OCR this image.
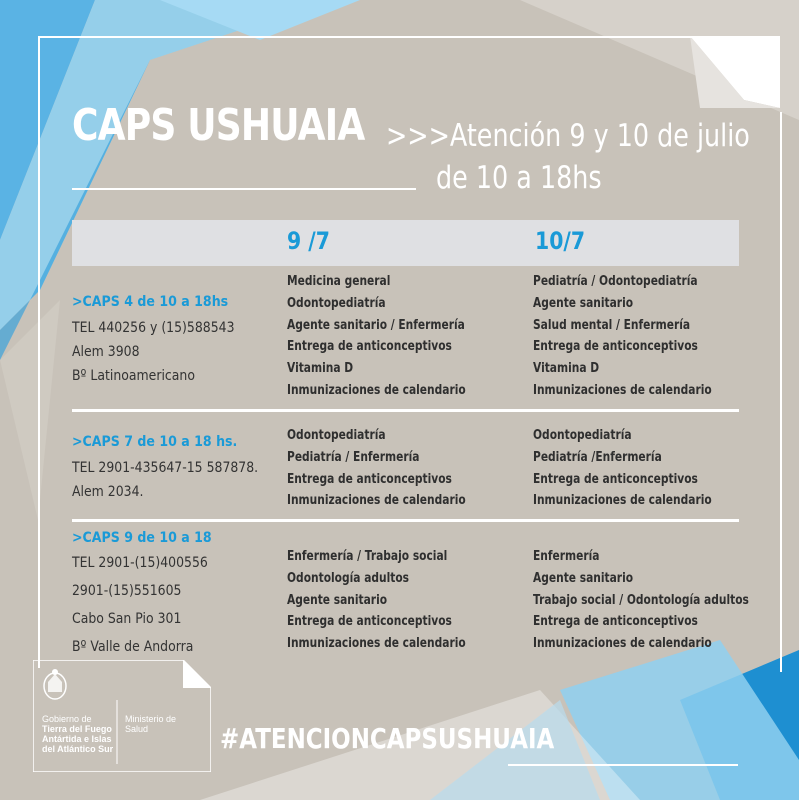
CAPS USHUAIA >>>Atención 9 y 10 de julio
de 10 a 18hs
9 /7	10/7
>CAPS 4 de 10 a 18hs
TEL 440256 y (15)588543
Alem 3908
Bº Latinoamericano
Medicina general
Odontopediatría
Agente sanitario / Enfermería
Entrega de anticonceptivos
Vitamina D
Inmunizaciones de calendario
Pediatría / Odontopediatría
Agente sanitario
Salud mental / Enfermería
Entrega de anticonceptivos
Vitamina D
Inmunizaciones de calendario
>CAPS 7 de 10 a 18 hs.
TEL 2901-435647-15 587878.
Alem 2034.
Odontopediatría
Pediatría / Enfermería
Entrega de anticonceptivos
Inmunizaciones de calendario
Odontopediatría
Pediatría /Enfermería
Entrega de anticonceptivos
Inmunizaciones de calendario
>CAPS 9 de 10 a 18
TEL 2901-(15)400556
2901-(15)551605
Cabo San Pio 301
Bº Valle de Andorra
Enfermería / Trabajo social
Odontología adultos
Agente sanitario
Entrega de anticonceptivos
Inmunizaciones de calendario
Enfermería
Agente sanitario
Trabajo social / Odontología adultos
Entrega de anticonceptivos
Inmunizaciones de calendario
Gobierno de
Tierra del Fuego
Antártida e Islas
del Atlántico Sur
Ministerio de
Salud	#ATENCIONCAPSUSHUAIA
